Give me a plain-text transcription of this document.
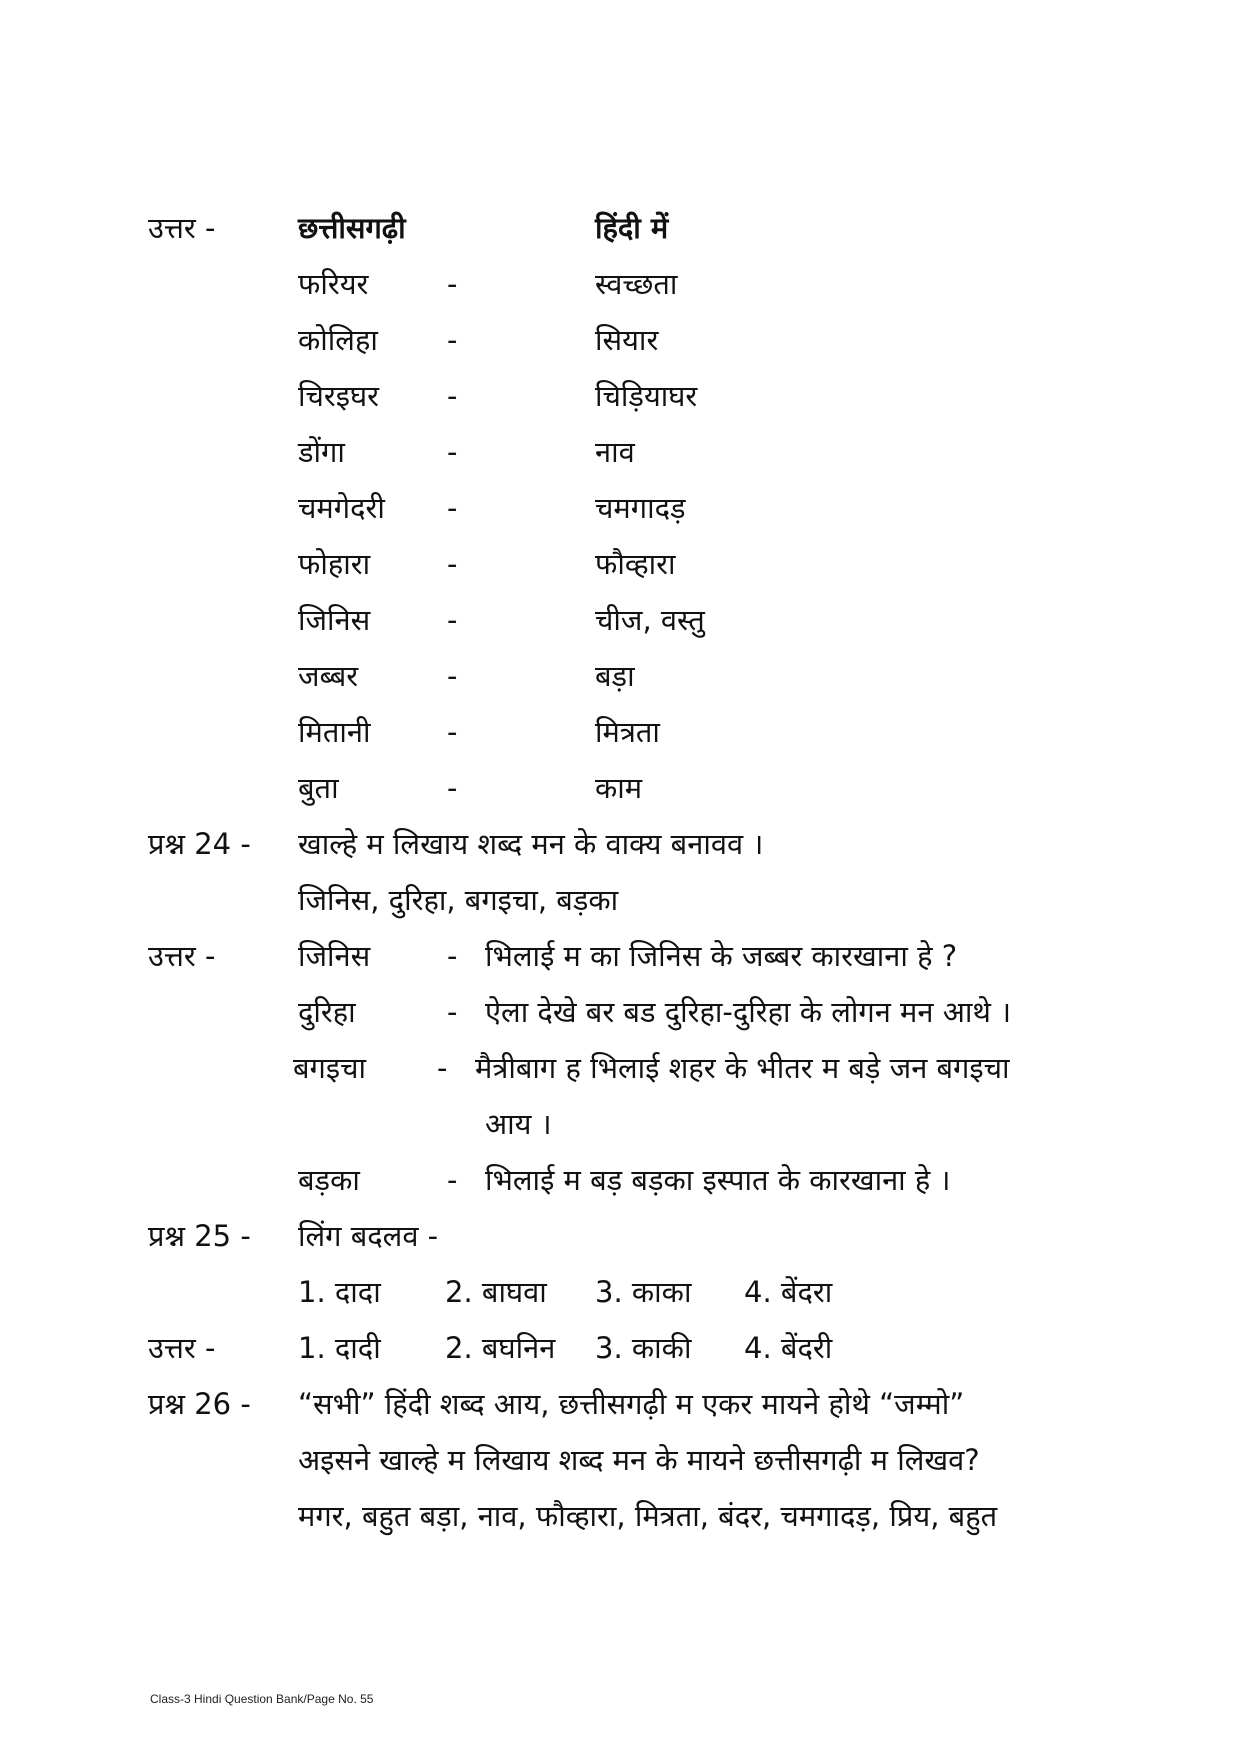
उत्तर -	छत्तीसगढ़ी	हिंदी में
फरियर	-	स्वच्छता
कोलिहा -	सियार
चिरइघर -	चिड़ियाघर
डोंगा	-	नाव
चमगेदरी -	चमगादड़
फोहारा	-	फौव्हारा
जिनिस	-	चीज, वस्तु
जब्बर	-	बड़ा
मितानी	-	मित्रता
बुता	-	काम
प्रश्न 24 - खाल्हे म लिखाय शब्द मन के वाक्य बनावव ।
जिनिस, दुरिहा, बगइचा, बड़का
उत्तर -	जिनिस	- भिलाई म का जिनिस के जब्बर कारखाना हे ?
दुरिहा	- ऐला देखे बर बड दुरिहा-दुरिहा के लोगन मन आथे ।
बगइचा - मैत्रीबाग ह भिलाई शहर के भीतर म बड़े जन बगइचा
आय ।
बड़का	- भिलाई म बड़ बड़का इस्पात के कारखाना हे ।
प्रश्न 25 - लिंग बदलव -
1. दादा 2. बाघवा 3. काका 4. बेंदरा
उत्तर -	1. दादी 2. बघनिन 3. काकी 4. बेंदरी
प्रश्न 26 - “सभी” हिंदी शब्द आय, छत्तीसगढ़ी म एकर मायने होथे “जम्मो”
अइसने खाल्हे म लिखाय शब्द मन के मायने छत्तीसगढ़ी म लिखव?
मगर, बहुत बड़ा, नाव, फौव्हारा, मित्रता, बंदर, चमगादड़, प्रिय, बहुत
Class-3 Hindi Question Bank/Page No. 55
